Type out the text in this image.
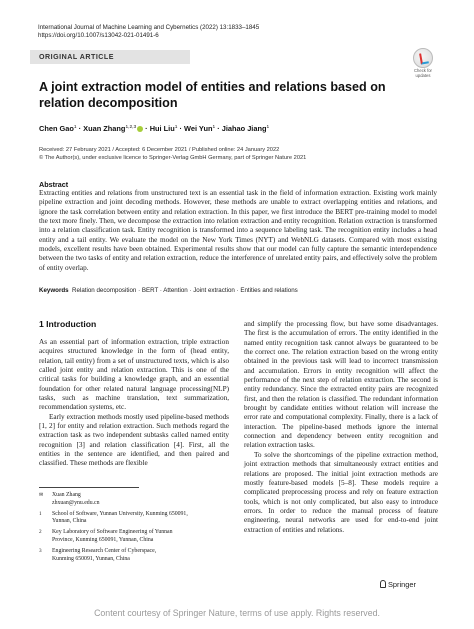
International Journal of Machine Learning and Cybernetics (2022) 13:1833–1845
https://doi.org/10.1007/s13042-021-01491-6
ORIGINAL ARTICLE
Check for
updates
A joint extraction model of entities and relations based on relation decomposition
Chen Gao$^1$ · Xuan Zhang$^{1,2,3}$ · Hui Liu$^1$ · Wei Yun$^1$ · Jiahao Jiang$^1$
Received: 27 February 2021 / Accepted: 6 December 2021 / Published online: 24 January 2022
© The Author(s), under exclusive licence to Springer-Verlag GmbH Germany, part of Springer Nature 2021
Abstract

Extracting entities and relations from unstructured text is an essential task in the field of information extraction. Existing work mainly pipeline extraction and joint decoding methods. However, these methods are unable to extract overlapping entities and relations, and ignore the task correlation between entity and relation extraction. In this paper, we first introduce the BERT pre-training model to model the text more finely. Then, we decompose the extraction into relation extraction and entity recognition. Relation extraction is transformed into a relation classification task. Entity recognition is transformed into a sequence labeling task. The recognition entity includes a head entity and a tail entity. We evaluate the model on the New York Times (NYT) and WebNLG datasets. Compared with most existing models, excellent results have been obtained. Experimental results show that our model can fully capture the semantic interdependence between the two tasks of entity and relation extraction, reduce the interference of unrelated entity pairs, and effectively solve the problem of entity overlap.

Keywords Relation decomposition · BERT · Attention · Joint extraction · Entities and relations
1 Introduction

As an essential part of information extraction, triple extraction acquires structured knowledge in the form of (head entity, relation, tail entity) from a set of unstructured texts, which is also called joint entity and relation extraction. This is one of the critical tasks for building a knowledge graph, and an essential foundation for other related natural language processing(NLP) tasks, such as machine translation, text summarization, recommendation systems, etc.

Early extraction methods mostly used pipeline-based methods [1, 2] for entity and relation extraction. Such methods regard the extraction task as two independent subtasks called named entity recognition [3] and relation classification [4]. First, all the entities in the sentence are identified, and then paired and classified. These methods are flexible

and simplify the processing flow, but have some disadvantages. The first is the accumulation of errors. The entity identified in the named entity recognition task cannot always be guaranteed to be the correct one. The relation extraction based on the wrong entity obtained in the previous task will lead to incorrect transmission and accumulation. Errors in entity recognition will affect the performance of the next step of relation extraction. The second is entity redundancy. Since the extracted entity pairs are recognized first, and then the relation is classified. The redundant information brought by candidate entities without relation will increase the error rate and computational complexity. Finally, there is a lack of interaction. The pipeline-based methods ignore the internal connection and dependency between entity recognition and relation extraction tasks.

To solve the shortcomings of the pipeline extraction method, joint extraction methods that simultaneously extract entities and relations are proposed. The initial joint extraction methods are mostly feature-based models [5–8]. These models require a complicated preprocessing process and rely on feature extraction tools, which is not only complicated, but also easy to introduce errors. In order to reduce the manual process of feature engineering, neural networks are used for end-to-end joint extraction of entities and relations.

✉	Xuan Zhang
zhxuan@ynu.edu.cn
1	School of Software, Yunnan University, Kunming 650091,
Yunnan, China
2	Key Laboratory of Software Engineering of Yunnan
Province, Kunming 650091, Yunnan, China
3	Engineering Research Center of Cyberspace,
Kunming 650091, Yunnan, China
Springer
Content courtesy of Springer Nature, terms of use apply. Rights reserved.
